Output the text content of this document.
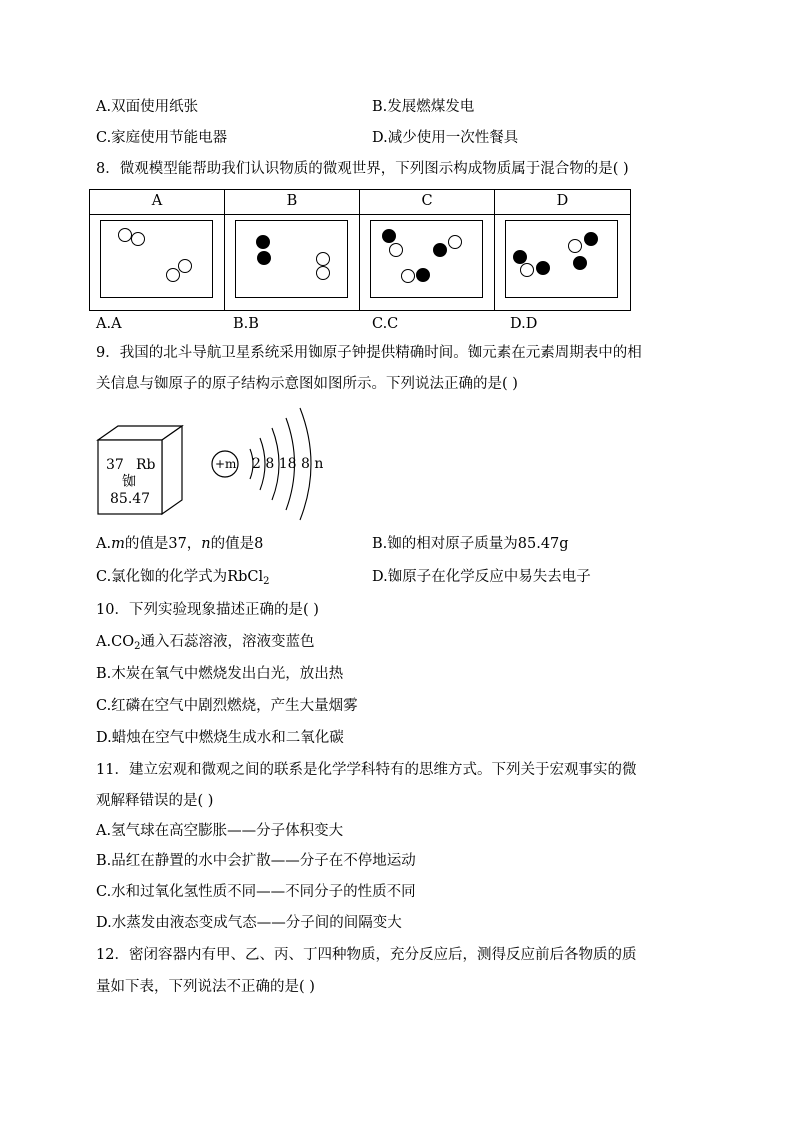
A.双面使用纸张	B.发展燃煤发电
C.家庭使用节能电器	D.减少使用一次性餐具
8．微观模型能帮助我们认识物质的微观世界，下列图示构成物质属于混合物的是( )
A	B	C	D
A.A	B.B	C.C	D.D
9．我国的北斗导航卫星系统采用铷原子钟提供精确时间。铷元素在元素周期表中的相
关信息与铷原子的原子结构示意图如图所示。下列说法正确的是( )
37 Rb
铷
85.47
+m 2 8 18 8 n
A.m的值是37，n的值是8	B.铷的相对原子质量为85.47g
C.氯化铷的化学式为RbCl$_2$	D.铷原子在化学反应中易失去电子
10．下列实验现象描述正确的是( )
$A.CO_2$通入石蕊溶液，溶液变蓝色
B.木炭在氧气中燃烧发出白光，放出热
C.红磷在空气中剧烈燃烧，产生大量烟雾
D.蜡烛在空气中燃烧生成水和二氧化碳
11．建立宏观和微观之间的联系是化学学科特有的思维方式。下列关于宏观事实的微
观解释错误的是( )
A.氢气球在高空膨胀——分子体积变大
B.品红在静置的水中会扩散——分子在不停地运动
C.水和过氧化氢性质不同——不同分子的性质不同
D.水蒸发由液态变成气态——分子间的间隔变大
12．密闭容器内有甲、乙、丙、丁四种物质，充分反应后，测得反应前后各物质的质
量如下表，下列说法不正确的是( )
